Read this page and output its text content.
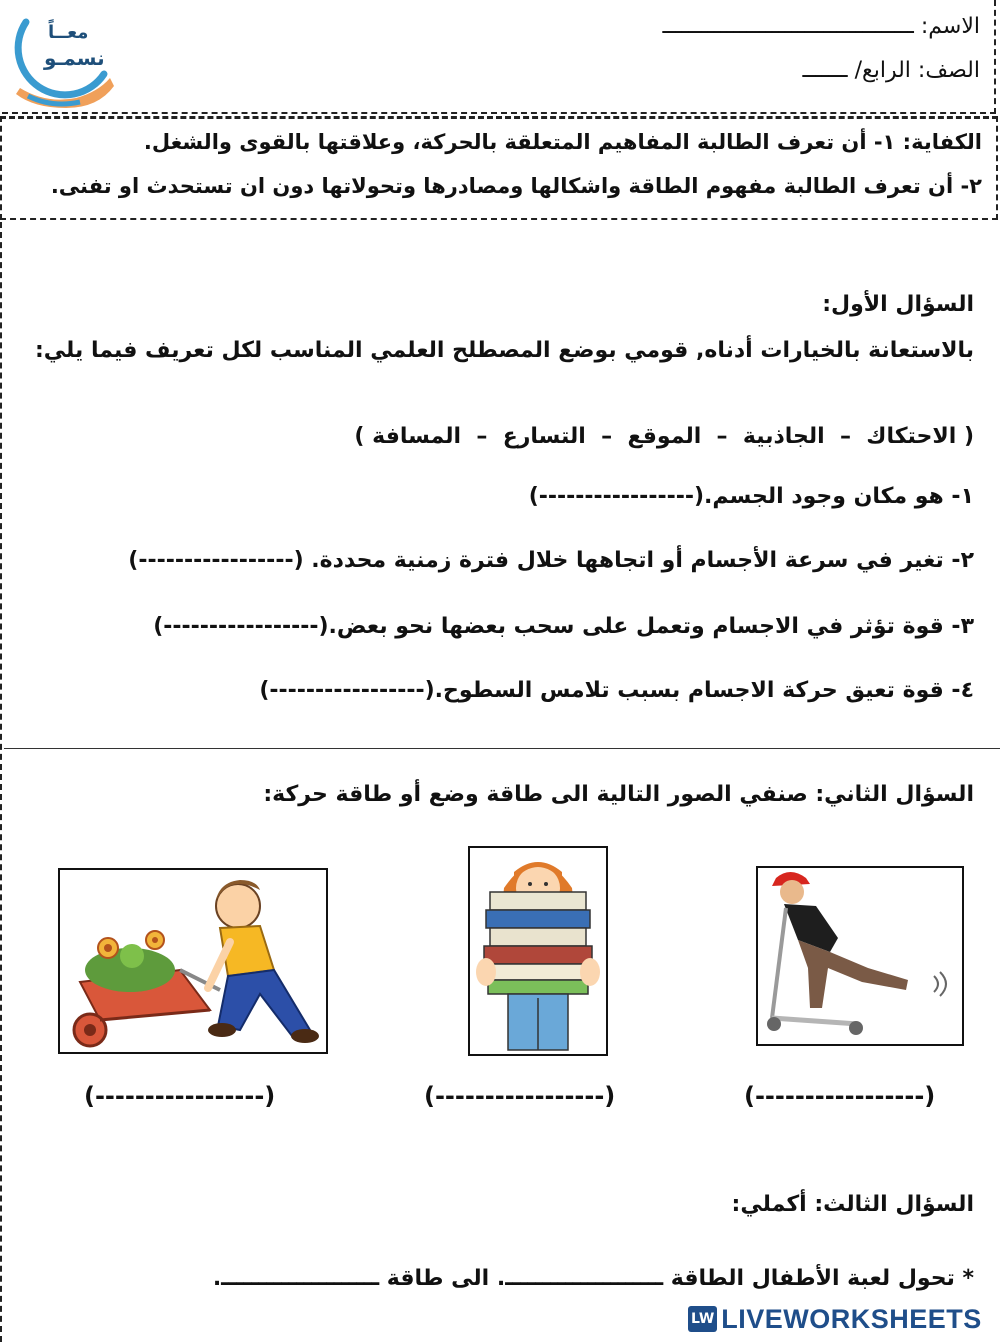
معــاً
نسمـو
الاسم: ـــــــــــــــــــــــــــــــــــــــ
الصف: الرابع/ ـــــــ
الكفاية: ١- أن تعرف الطالبة المفاهيم المتعلقة بالحركة، وعلاقتها بالقوى والشغل.
٢- أن تعرف الطالبة مفهوم الطاقة واشكالها ومصادرها وتحولاتها دون ان تستحدث او تفنى.
السؤال الأول:
بالاستعانة بالخيارات أدناه, قومي بوضع المصطلح العلمي المناسب لكل تعريف فيما يلي:
( الاحتكاك  –  الجاذبية  –  الموقع  –  التسارع  –  المسافة )
١- هو مكان وجود الجسم.(-----------------)
٢- تغير في سرعة الأجسام أو اتجاهها خلال فترة زمنية محددة. (-----------------)
٣- قوة تؤثر في الاجسام وتعمل على سحب بعضها نحو بعض.(-----------------)
٤- قوة تعيق حركة الاجسام بسبب تلامس السطوح.(-----------------)
السؤال الثاني: صنفي الصور التالية الى طاقة وضع أو طاقة حركة:
(-----------------)	(-----------------)	(-----------------)
السؤال الثالث: أكملي:
* تحول لعبة الأطفال الطاقة ـــــــــــــــــــــ. الى طاقة ـــــــــــــــــــــ.
LW LIVEWORKSHEETS
